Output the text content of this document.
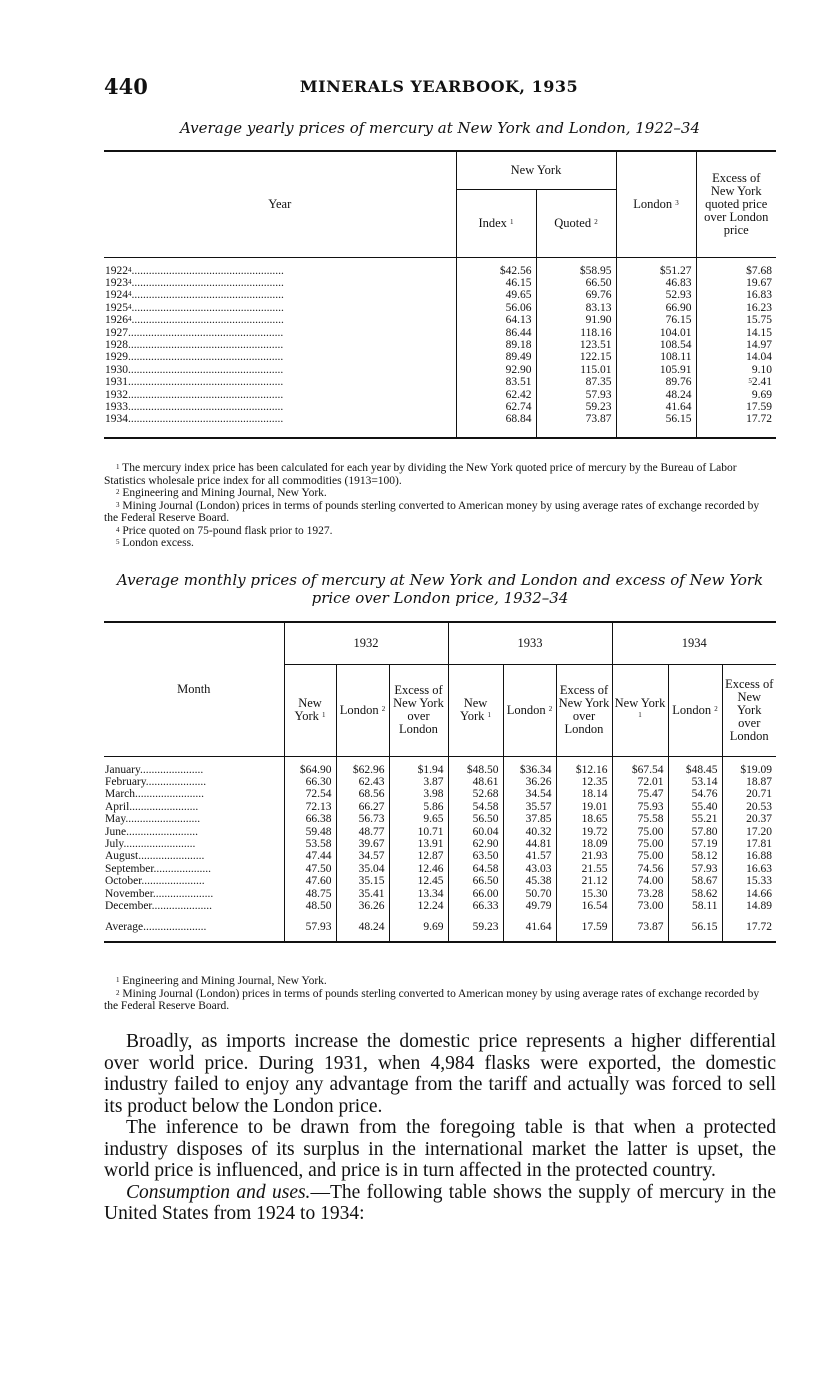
440	MINERALS YEARBOOK, 1935
Average yearly prices of mercury at New York and London, 1922–34
Year	New York		London $^3$	Excess of New York quoted price over London price
	Index $^1$	Quoted $^2$
1922$^4$.....................................................	$42.56	$58.95	$51.27	$7.68
1923$^4$.....................................................	46.15	66.50	46.83	19.67
1924$^4$.....................................................	49.65	69.76	52.93	16.83
1925$^4$.....................................................	56.06	83.13	66.90	16.23
1926$^4$.....................................................	64.13	91.90	76.15	15.75
1927......................................................	86.44	118.16	104.01	14.15
1928......................................................	89.18	123.51	108.54	14.97
1929......................................................	89.49	122.15	108.11	14.04
1930......................................................	92.90	115.01	105.91	9.10
1931......................................................	83.51	87.35	89.76	$^5$2.41
1932......................................................	62.42	57.93	48.24	9.69
1933......................................................	62.74	59.23	41.64	17.59
1934......................................................	68.84	73.87	56.15	17.72

$^1$ The mercury index price has been calculated for each year by dividing the New York quoted price of mercury by the Bureau of Labor Statistics wholesale price index for all commodities (1913=100).

$^2$ Engineering and Mining Journal, New York.

$^3$ Mining Journal (London) prices in terms of pounds sterling converted to American money by using average rates of exchange recorded by the Federal Reserve Board.

$^4$ Price quoted on 75-pound flask prior to 1927.

$^5$ London excess.

Average monthly prices of mercury at New York and London and excess of New York
price over London price, 1932–34
Month	1932			1933			1934		
	New York $^1$	London $^2$	Excess of New York over London	New York $^1$	London $^2$	Excess of New York over London	New York $^1$	London $^2$	Excess of New York over London
January......................	$64.90	$62.96	$1.94	$48.50	$36.34	$12.16	$67.54	$48.45	$19.09
February.....................	66.30	62.43	3.87	48.61	36.26	12.35	72.01	53.14	18.87
March........................	72.54	68.56	3.98	52.68	34.54	18.14	75.47	54.76	20.71
April........................	72.13	66.27	5.86	54.58	35.57	19.01	75.93	55.40	20.53
May..........................	66.38	56.73	9.65	56.50	37.85	18.65	75.58	55.21	20.37
June.........................	59.48	48.77	10.71	60.04	40.32	19.72	75.00	57.80	17.20
July.........................	53.58	39.67	13.91	62.90	44.81	18.09	75.00	57.19	17.81
August.......................	47.44	34.57	12.87	63.50	41.57	21.93	75.00	58.12	16.88
September....................	47.50	35.04	12.46	64.58	43.03	21.55	74.56	57.93	16.63
October......................	47.60	35.15	12.45	66.50	45.38	21.12	74.00	58.67	15.33
November.....................	48.75	35.41	13.34	66.00	50.70	15.30	73.28	58.62	14.66
December.....................	48.50	36.26	12.24	66.33	49.79	16.54	73.00	58.11	14.89
Average......................	57.93	48.24	9.69	59.23	41.64	17.59	73.87	56.15	17.72

$^1$ Engineering and Mining Journal, New York.

$^2$ Mining Journal (London) prices in terms of pounds sterling converted to American money by using average rates of exchange recorded by the Federal Reserve Board.

Broadly, as imports increase the domestic price represents a higher differential over world price. During 1931, when 4,984 flasks were exported, the domestic industry failed to enjoy any advantage from the tariff and actually was forced to sell its product below the London price.

The inference to be drawn from the foregoing table is that when a protected industry disposes of its surplus in the international market the latter is upset, the world price is influenced, and price is in turn affected in the protected country.

Consumption and uses.—The following table shows the supply of mercury in the United States from 1924 to 1934:
